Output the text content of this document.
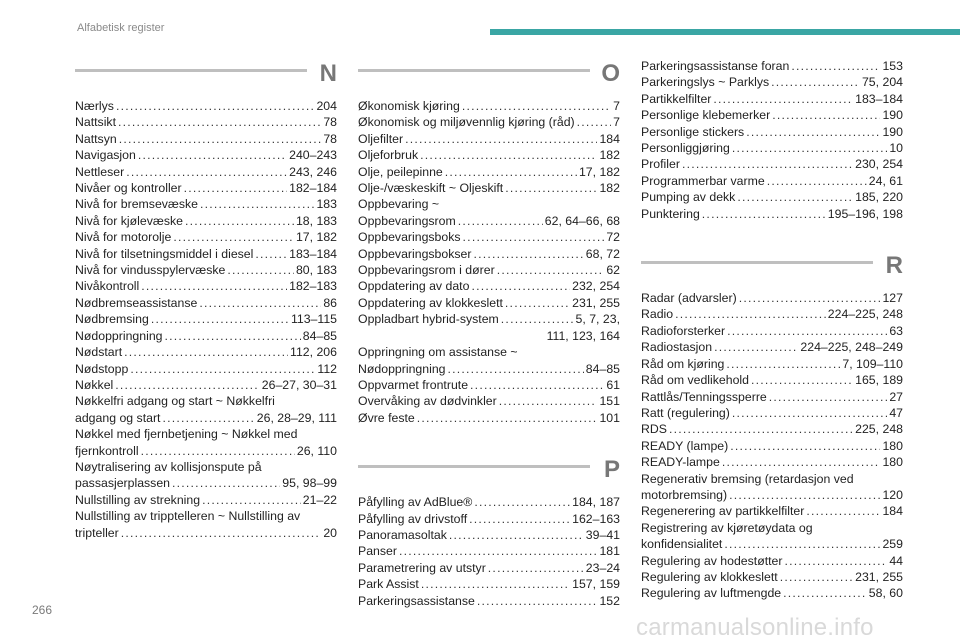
Alfabetisk register
N
Nærlys . . .	204
Nattsikt . . .	78
Nattsyn . . .	78
Navigasjon . . .	240–243
Nettleser . . .	243, 246
Nivåer og kontroller . . .	182–184
Nivå for bremsevæske . . .	183
Nivå for kjølevæske . . .	18, 183
Nivå for motorolje . . .	17, 182
Nivå for tilsetningsmiddel i diesel . . .	183–184
Nivå for vindusspylervæske . . .	80, 183
Nivåkontroll . . .	182–183
Nødbremseassistanse . . .	86
Nødbremsing . . .	113–115
Nødoppringning . . .	84–85
Nødstart . . .	112, 206
Nødstopp . . .	112
Nøkkel . . .	26–27, 30–31
Nøkkelfri adgang og start ~ Nøkkelfri
adgang og start . . .	26, 28–29, 111
Nøkkel med fjernbetjening ~ Nøkkel med
fjernkontroll . . .	26, 110
Nøytralisering av kollisjonspute på
passasjerplassen . . .	95, 98–99
Nullstilling av strekning . . .	21–22
Nullstilling av tripptelleren ~ Nullstilling av
tripteller . . .	20
O
Økonomisk kjøring . . .	7
Økonomisk og miljøvennlig kjøring (råd) . . .	7
Oljefilter . . .	184
Oljeforbruk . . .	182
Olje, peilepinne . . .	17, 182
Olje-/væskeskift ~ Oljeskift . . .	182
Oppbevaring ~
Oppbevaringsrom . . .	62, 64–66, 68
Oppbevaringsboks . . .	72
Oppbevaringsbokser . . .	68, 72
Oppbevaringsrom i dører . . .	62
Oppdatering av dato . . .	232, 254
Oppdatering av klokkeslett . . .	231, 255
Oppladbart hybrid-system . . .	5, 7, 23,
111, 123, 164
Oppringning om assistanse ~
Nødoppringning . . .	84–85
Oppvarmet frontrute . . .	61
Overvåking av dødvinkler . . .	151
Øvre feste . . .	101
P
Påfylling av AdBlue® . . .	184, 187
Påfylling av drivstoff . . .	162–163
Panoramasoltak . . .	39–41
Panser . . .	181
Parametrering av utstyr . . .	23–24
Park Assist . . .	157, 159
Parkeringsassistanse . . .	152
Parkeringsassistanse foran . . .	153
Parkeringslys ~ Parklys . . .	75, 204
Partikkelfilter . . .	183–184
Personlige klebemerker . . .	190
Personlige stickers . . .	190
Personliggjøring . . .	10
Profiler . . .	230, 254
Programmerbar varme . . .	24, 61
Pumping av dekk . . .	185, 220
Punktering . . .	195–196, 198
R
Radar (advarsler) . . .	127
Radio . . .	224–225, 248
Radioforsterker . . .	63
Radiostasjon . . .	224–225, 248–249
Råd om kjøring . . .	7, 109–110
Råd om vedlikehold . . .	165, 189
Rattlås/Tenningssperre . . .	27
Ratt (regulering) . . .	47
RDS . . .	225, 248
READY (lampe) . . .	180
READY-lampe . . .	180
Regenerativ bremsing (retardasjon ved
motorbremsing) . . .	120
Regenerering av partikkelfilter . . .	184
Registrering av kjøretøydata og
konfidensialitet . . .	259
Regulering av hodestøtter . . .	44
Regulering av klokkeslett . . .	231, 255
Regulering av luftmengde . . .	58, 60
266
carmanualsonline.info
